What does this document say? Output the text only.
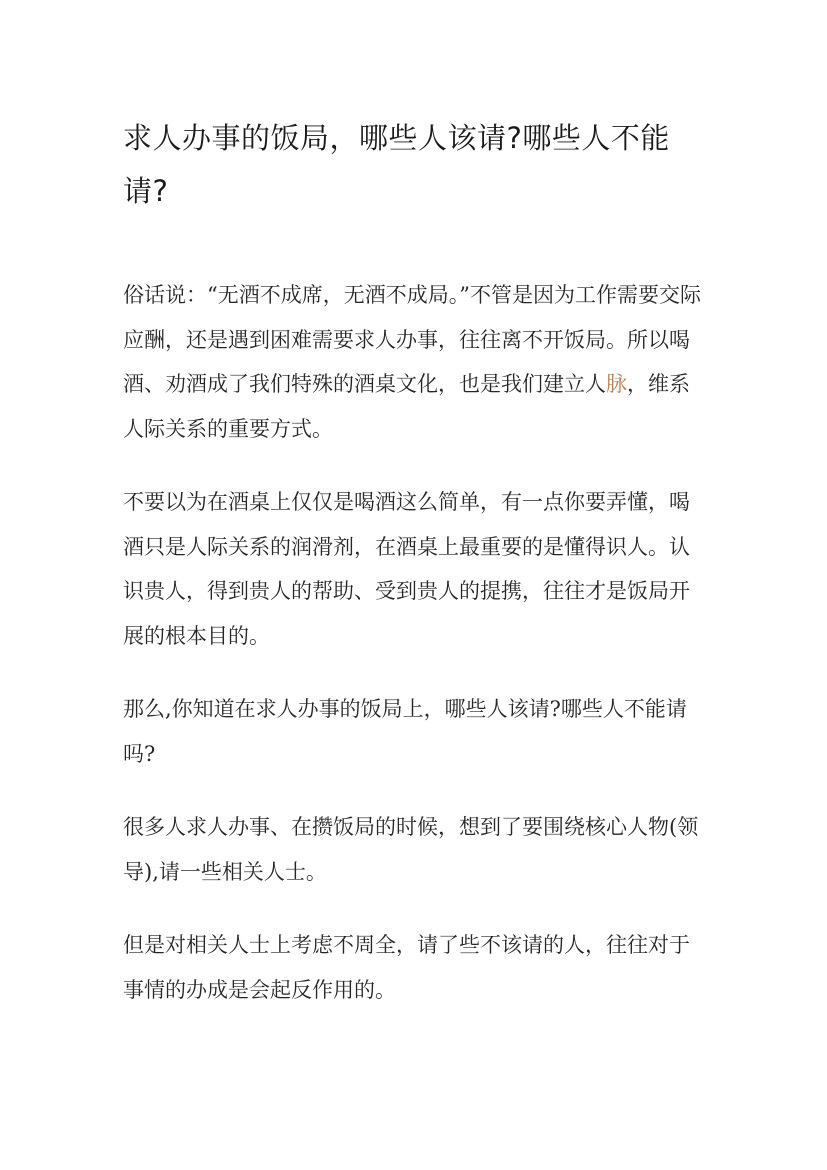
求人办事的饭局，哪些人该请?哪些人不能请?

俗话说：“无酒不成席，无酒不成局。”不管是因为工作需要交际应酬，还是遇到困难需要求人办事，往往离不开饭局。所以喝酒、劝酒成了我们特殊的酒桌文化，也是我们建立人脉，维系人际关系的重要方式。

不要以为在酒桌上仅仅是喝酒这么简单，有一点你要弄懂，喝酒只是人际关系的润滑剂，在酒桌上最重要的是懂得识人。认识贵人，得到贵人的帮助、受到贵人的提携，往往才是饭局开展的根本目的。

那么,你知道在求人办事的饭局上，哪些人该请?哪些人不能请吗?

很多人求人办事、在攒饭局的时候，想到了要围绕核心人物(领导),请一些相关人士。

但是对相关人士上考虑不周全，请了些不该请的人，往往对于事情的办成是会起反作用的。
